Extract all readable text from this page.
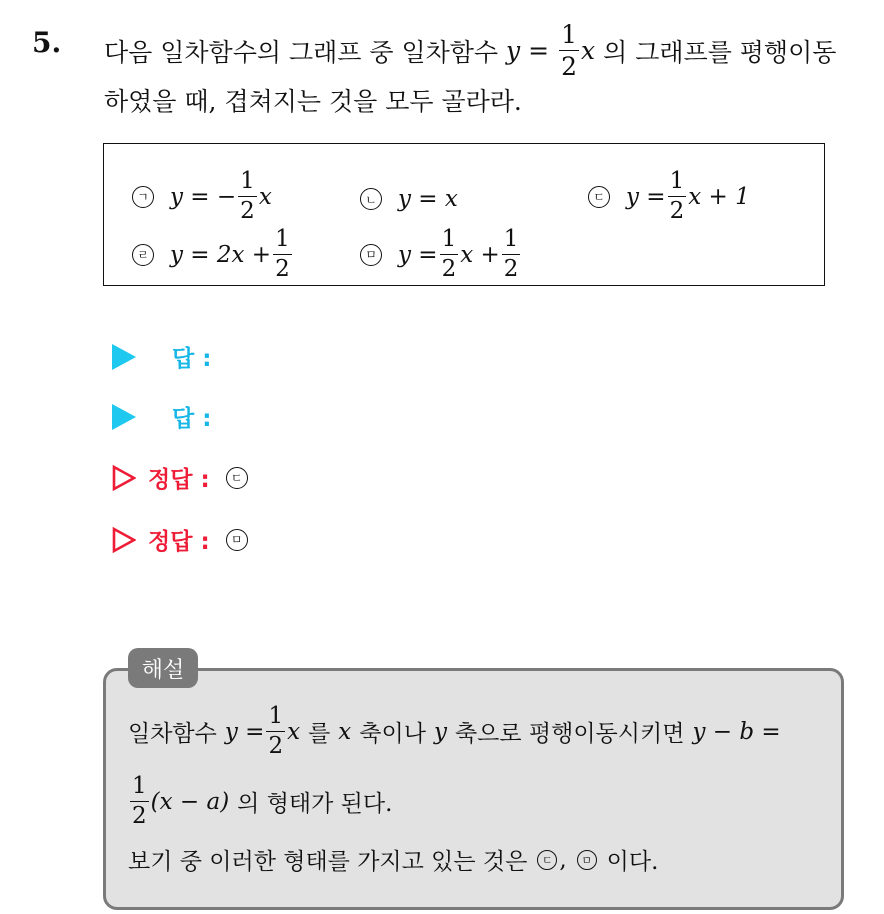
5. 다음 일차함수의 그래프 중 일차함수 $y = \frac{1}{2}$ x 의 그래프를 평행이동
하였을 때, 겹쳐지는 것을 모두 골라라.
ㄱ y = − $\frac{1}{2}$ x	ㄴ y = x	ㄷ $y = \frac{1}{2}$ x + 1
ㄹ $y = 2x + \frac{1}{2}$	ㅁ $y = \frac{1}{2}$ $x + \frac{1}{2}$
답 :
답 :
정답 :	ㄷ
정답 :	ㅁ
해설
일차함수 $y = \frac{1}{2}$ x 를 x 축이나 y 축으로 평행이동시키면 y − b =
$\frac{1}{2} (x - a)$ 의 형태가 된다.
보기 중 이러한 형태를 가지고 있는 것은	ㄷ ,	ㅁ 이다.
